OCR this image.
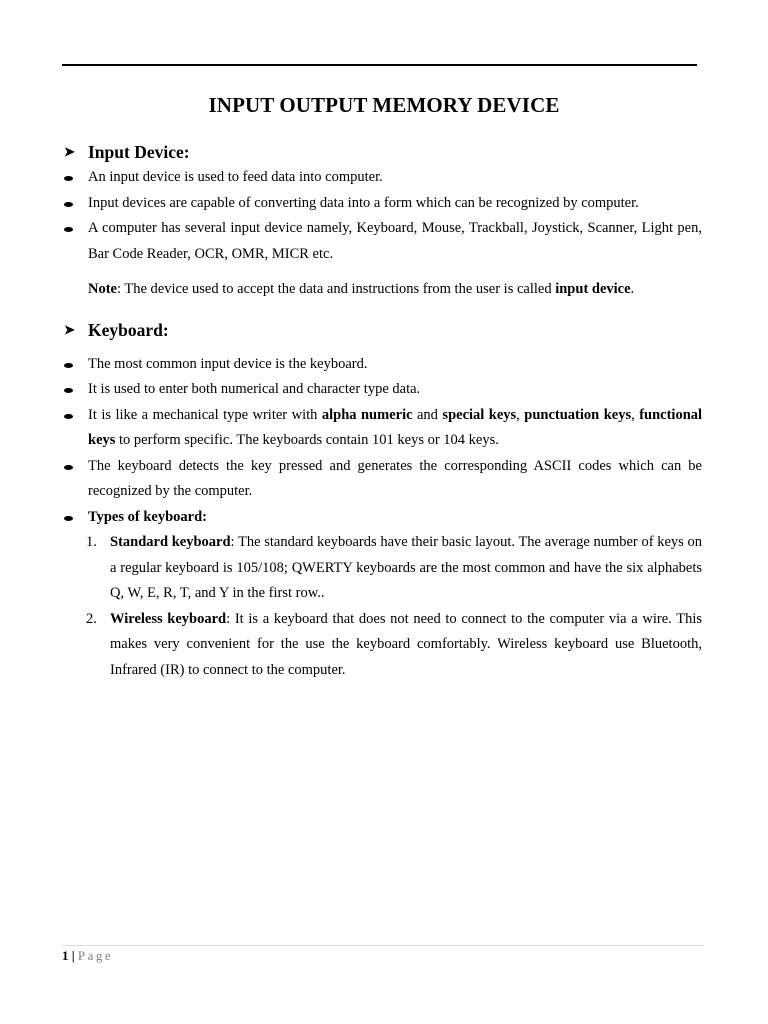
INPUT OUTPUT MEMORY DEVICE
➤ Input Device:
An input device is used to feed data into computer.
Input devices are capable of converting data into a form which can be recognized by computer.
A computer has several input device namely, Keyboard, Mouse, Trackball, Joystick, Scanner, Light pen, Bar Code Reader, OCR, OMR, MICR etc.
Note: The device used to accept the data and instructions from the user is called input device.
➤ Keyboard:
The most common input device is the keyboard.
It is used to enter both numerical and character type data.
It is like a mechanical type writer with alpha numeric and special keys, punctuation keys, functional keys to perform specific. The keyboards contain 101 keys or 104 keys.
The keyboard detects the key pressed and generates the corresponding ASCII codes which can be recognized by the computer.
Types of keyboard:
1. Standard keyboard: The standard keyboards have their basic layout. The average number of keys on a regular keyboard is 105/108; QWERTY keyboards are the most common and have the six alphabets Q, W, E, R, T, and Y in the first row..
2. Wireless keyboard: It is a keyboard that does not need to connect to the computer via a wire. This makes very convenient for the use the keyboard comfortably. Wireless keyboard use Bluetooth, Infrared (IR) to connect to the computer.
1 | Page
